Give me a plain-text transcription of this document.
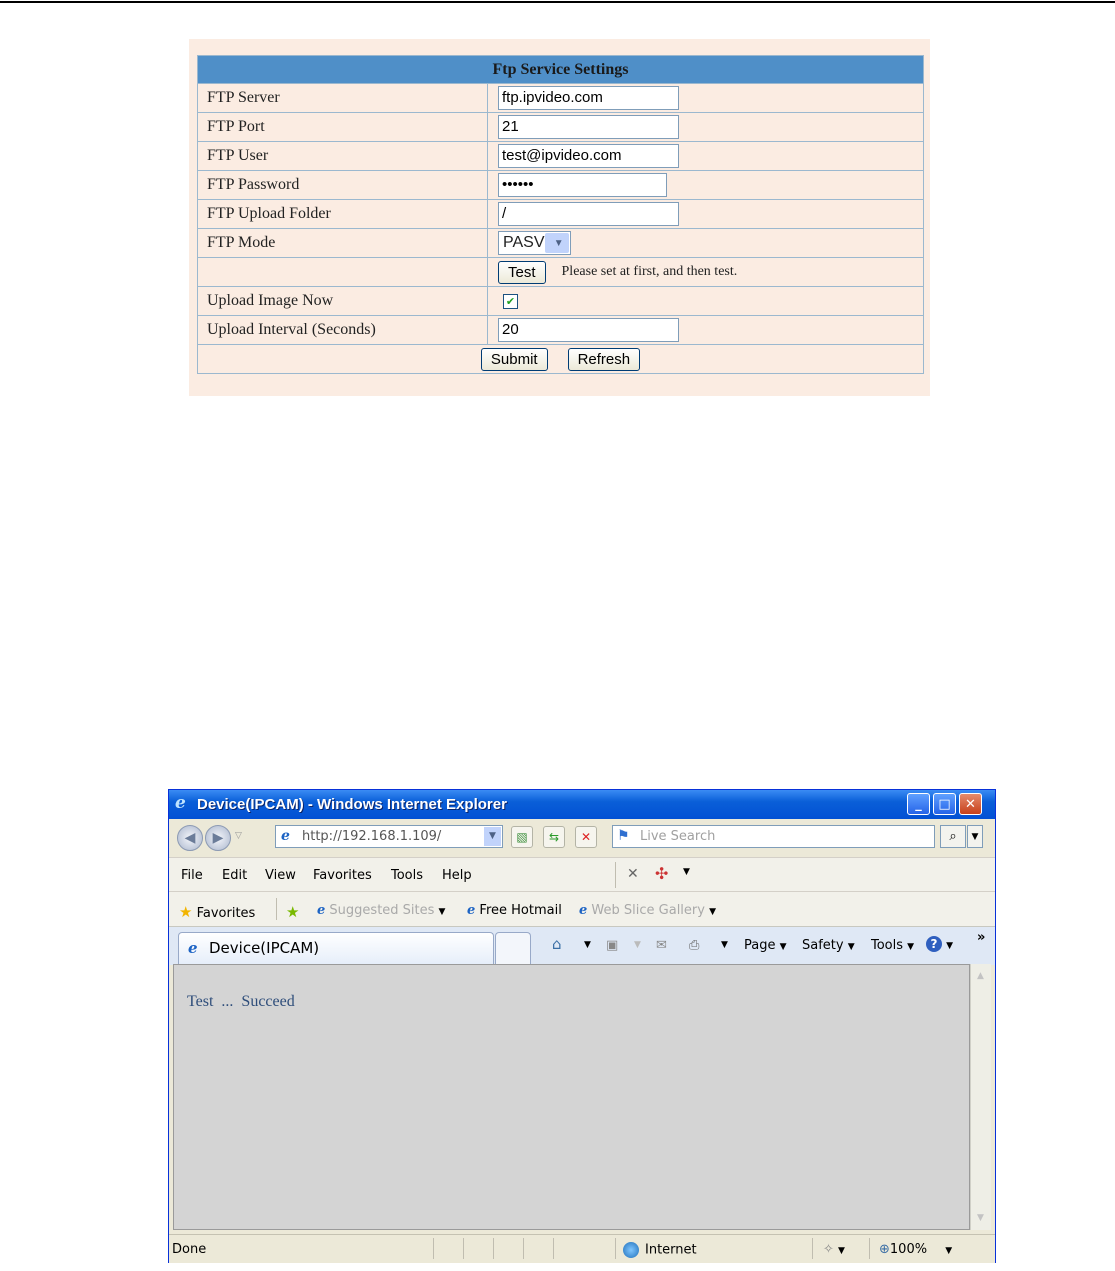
Ftp Service Settings	
FTP Server	ftp.ipvideo.com
FTP Port	21
FTP User	test@ipvideo.com
FTP Password	••••••
FTP Upload Folder	/
FTP Mode	PASV ▼

	Test Please set at first, and then test.
Upload Image Now	✔

Upload Interval (Seconds)	20
Submit Refresh	
e Device(IPCAM) - Windows Internet Explorer	_	□	✕
◀ ▶ ▽	e http://192.168.1.109/	▼	▧	⇆	✕	⚑ Live Search	⌕ ▼
File Edit View Favorites Tools Help	✕ ✣ ▼
★ Favorites ★ e Suggested Sites ▼ e Free Hotmail e Web Slice Gallery ▼
e Device(IPCAM)	⌂ ▼ ▣ ▼ ✉ ⎙ ▼ Page ▼ Safety ▼ Tools ▼	? ▼
»
Test  ...  Succeed
▲
▼
Done	Internet	✧ ▼	⊕100% ▼
